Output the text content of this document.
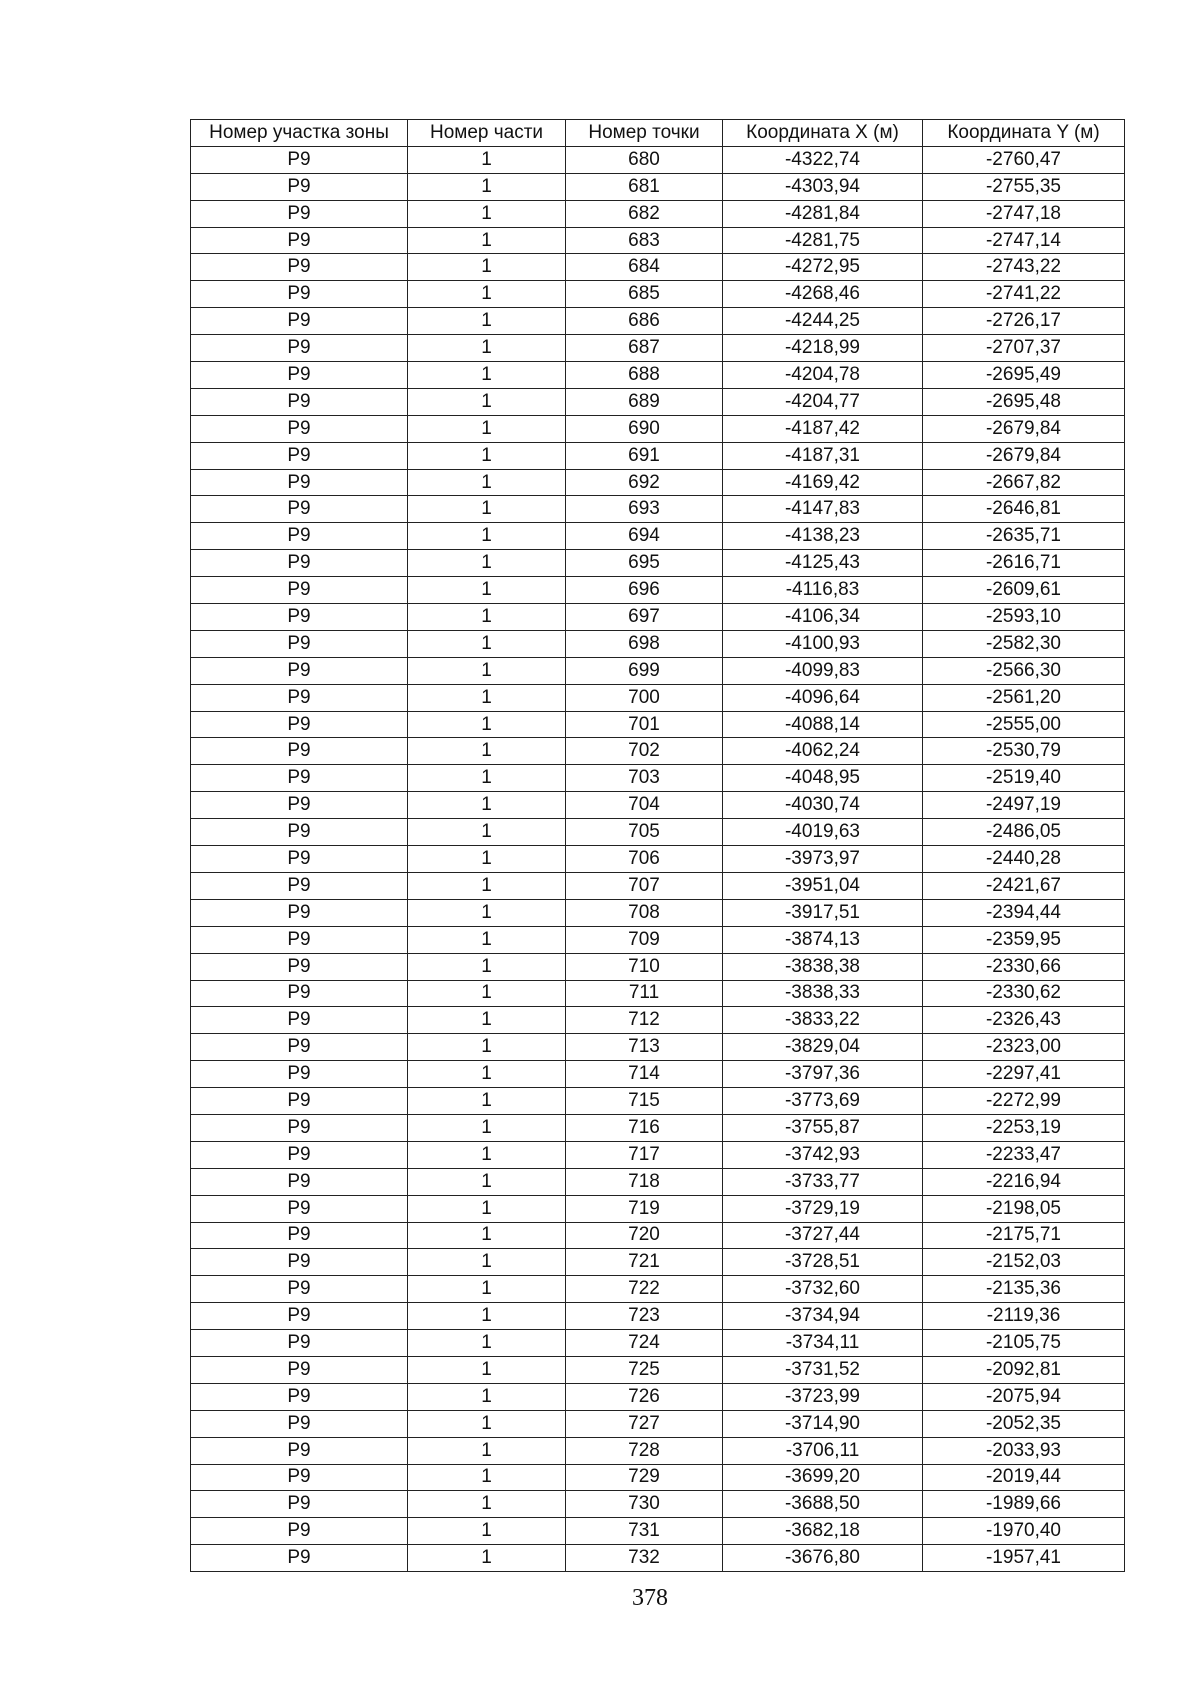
Номер участка зоны	Номер части	Номер точки	Координата X (м)	Координата Y (м)
Р9	1	680	-4322,74	-2760,47
Р9	1	681	-4303,94	-2755,35
Р9	1	682	-4281,84	-2747,18
Р9	1	683	-4281,75	-2747,14
Р9	1	684	-4272,95	-2743,22
Р9	1	685	-4268,46	-2741,22
Р9	1	686	-4244,25	-2726,17
Р9	1	687	-4218,99	-2707,37
Р9	1	688	-4204,78	-2695,49
Р9	1	689	-4204,77	-2695,48
Р9	1	690	-4187,42	-2679,84
Р9	1	691	-4187,31	-2679,84
Р9	1	692	-4169,42	-2667,82
Р9	1	693	-4147,83	-2646,81
Р9	1	694	-4138,23	-2635,71
Р9	1	695	-4125,43	-2616,71
Р9	1	696	-4116,83	-2609,61
Р9	1	697	-4106,34	-2593,10
Р9	1	698	-4100,93	-2582,30
Р9	1	699	-4099,83	-2566,30
Р9	1	700	-4096,64	-2561,20
Р9	1	701	-4088,14	-2555,00
Р9	1	702	-4062,24	-2530,79
Р9	1	703	-4048,95	-2519,40
Р9	1	704	-4030,74	-2497,19
Р9	1	705	-4019,63	-2486,05
Р9	1	706	-3973,97	-2440,28
Р9	1	707	-3951,04	-2421,67
Р9	1	708	-3917,51	-2394,44
Р9	1	709	-3874,13	-2359,95
Р9	1	710	-3838,38	-2330,66
Р9	1	711	-3838,33	-2330,62
Р9	1	712	-3833,22	-2326,43
Р9	1	713	-3829,04	-2323,00
Р9	1	714	-3797,36	-2297,41
Р9	1	715	-3773,69	-2272,99
Р9	1	716	-3755,87	-2253,19
Р9	1	717	-3742,93	-2233,47
Р9	1	718	-3733,77	-2216,94
Р9	1	719	-3729,19	-2198,05
Р9	1	720	-3727,44	-2175,71
Р9	1	721	-3728,51	-2152,03
Р9	1	722	-3732,60	-2135,36
Р9	1	723	-3734,94	-2119,36
Р9	1	724	-3734,11	-2105,75
Р9	1	725	-3731,52	-2092,81
Р9	1	726	-3723,99	-2075,94
Р9	1	727	-3714,90	-2052,35
Р9	1	728	-3706,11	-2033,93
Р9	1	729	-3699,20	-2019,44
Р9	1	730	-3688,50	-1989,66
Р9	1	731	-3682,18	-1970,40
Р9	1	732	-3676,80	-1957,41
378
